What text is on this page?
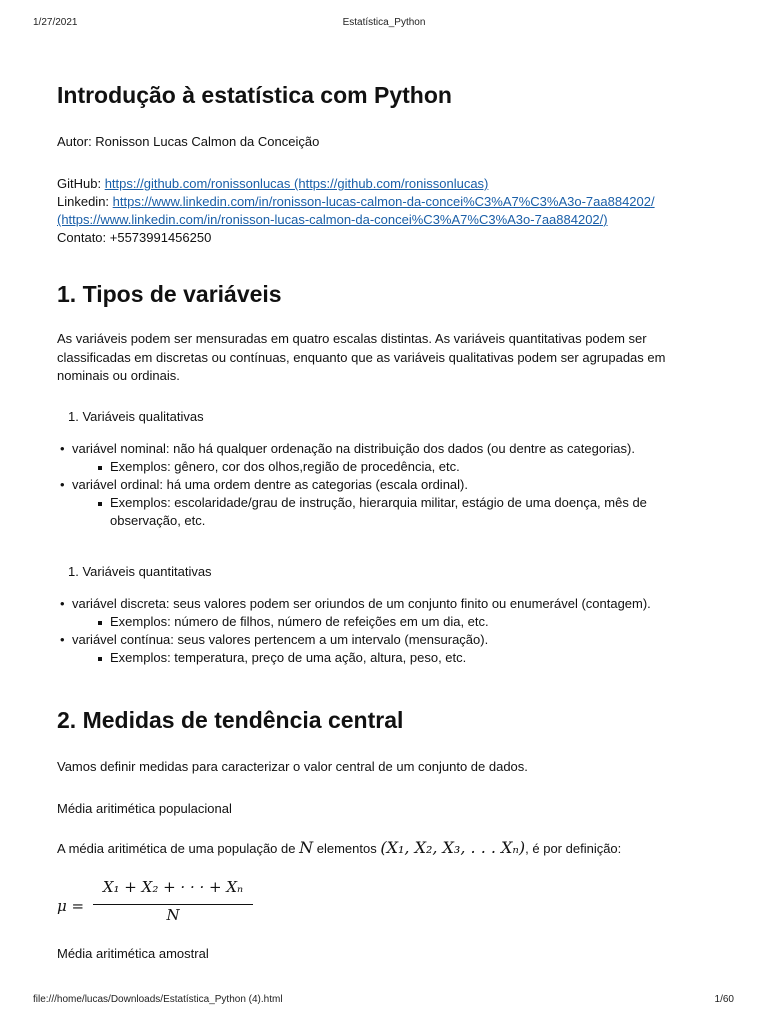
1/27/2021	Estatística_Python
Introdução à estatística com Python
Autor: Ronisson Lucas Calmon da Conceição
GitHub: https://github.com/ronissonlucas (https://github.com/ronissonlucas)
Linkedin: https://www.linkedin.com/in/ronisson-lucas-calmon-da-concei%C3%A7%C3%A3o-7aa884202/
(https://www.linkedin.com/in/ronisson-lucas-calmon-da-concei%C3%A7%C3%A3o-7aa884202/)
Contato: +5573991456250
1. Tipos de variáveis
As variáveis podem ser mensuradas em quatro escalas distintas. As variáveis quantitativas podem ser
classificadas em discretas ou contínuas, enquanto que as variáveis qualitativas podem ser agrupadas em
nominais ou ordinais.
1. Variáveis qualitativas
• variável nominal: não há qualquer ordenação na distribuição dos dados (ou dentre as categorias).
Exemplos: gênero, cor dos olhos,região de procedência, etc.
• variável ordinal: há uma ordem dentre as categorias (escala ordinal).
Exemplos: escolaridade/grau de instrução, hierarquia militar, estágio de uma doença, mês de
observação, etc.
1. Variáveis quantitativas
• variável discreta: seus valores podem ser oriundos de um conjunto finito ou enumerável (contagem).
Exemplos: número de filhos, número de refeições em um dia, etc.
• variável contínua: seus valores pertencem a um intervalo (mensuração).
Exemplos: temperatura, preço de uma ação, altura, peso, etc.
2. Medidas de tendência central
Vamos definir medidas para caracterizar o valor central de um conjunto de dados.
Média aritimética populacional
A média aritimética de uma população de N elementos (X₁, X₂, X₃, . . . Xₙ), é por definição:
μ =
X₁ + X₂ + · · · + Xₙ
N
Média aritimética amostral
file:///home/lucas/Downloads/Estatística_Python (4).html	1/60
